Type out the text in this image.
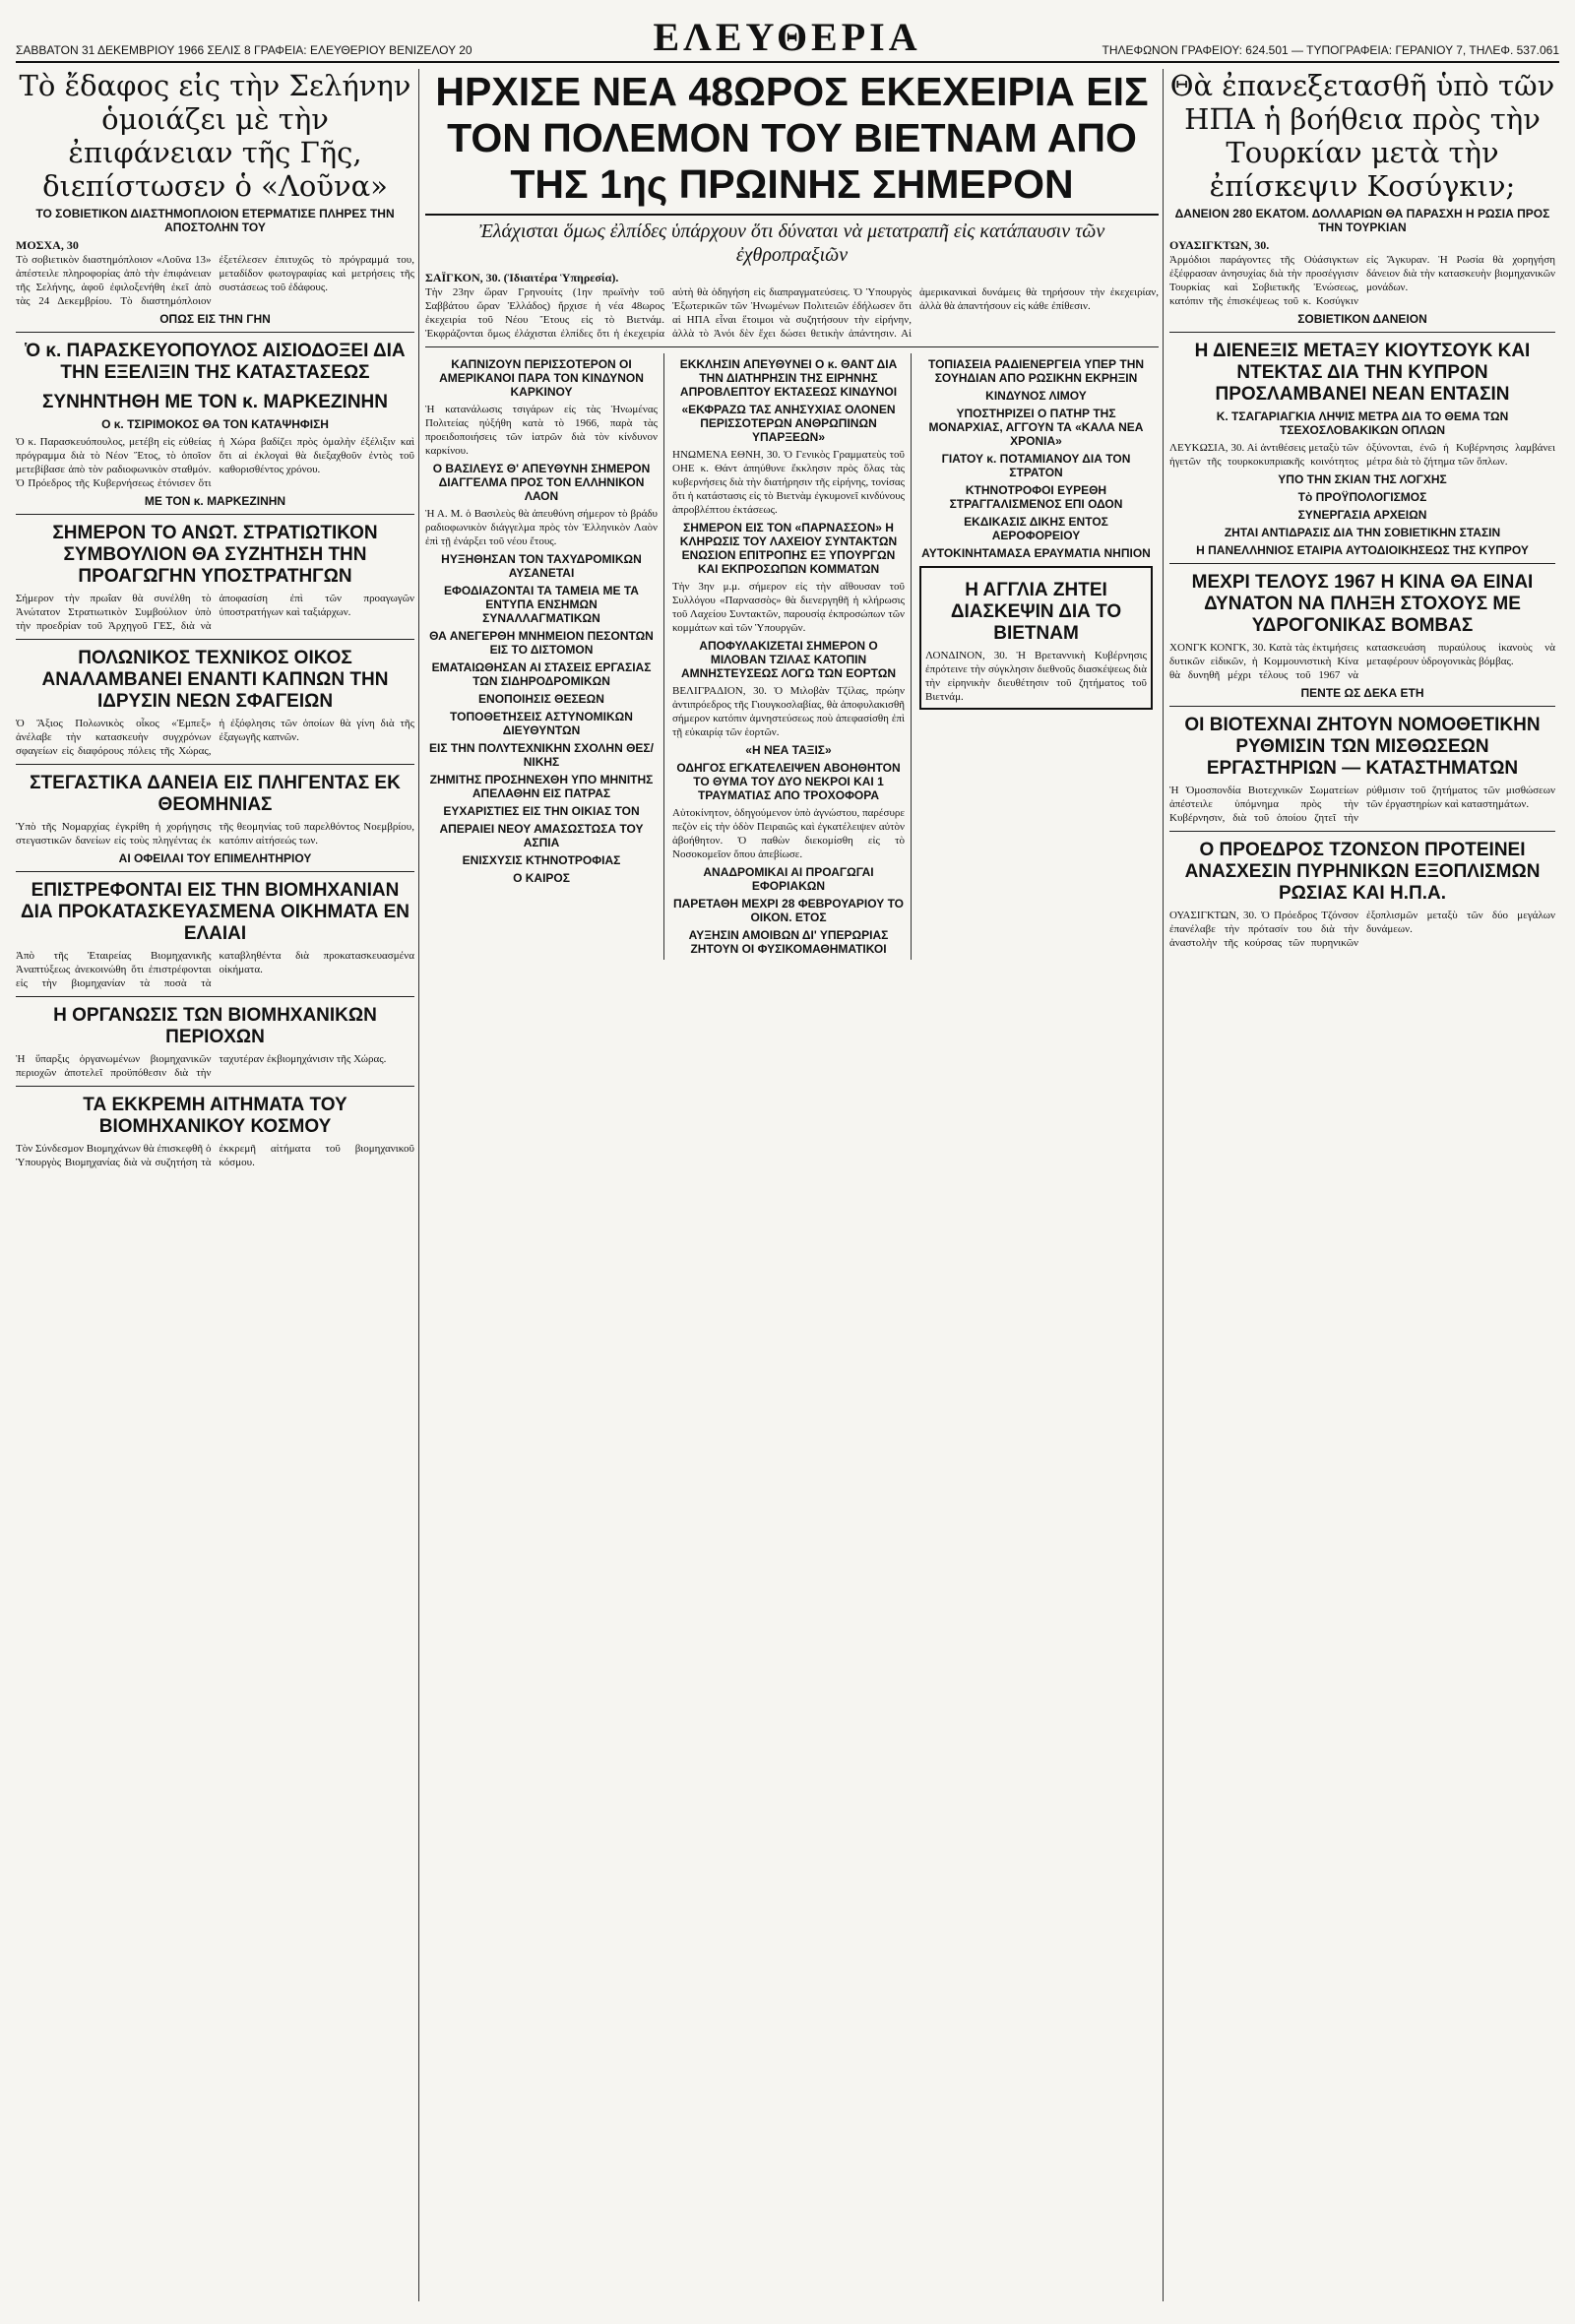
ΣΑΒΒΑΤΟΝ 31 ΔΕΚΕΜΒΡΙΟΥ 1966 ΣΕΛΙΣ 8 ΓΡΑΦΕΙΑ: ΕΛΕΥΘΕΡΙΟΥ ΒΕΝΙΖΕΛΟΥ 20	ΕΛΕΥΘΕΡΙΑ	ΤΗΛΕΦΩΝΟΝ ΓΡΑΦΕΙΟΥ: 624.501 — ΤΥΠΟΓΡΑΦΕΙΑ: ΓΕΡΑΝΙΟΥ 7, ΤΗΛΕΦ. 537.061
Τὸ ἔδαφος εἰς τὴν Σελήνην ὁμοιάζει μὲ τὴν ἐπιφάνειαν τῆς Γῆς, διεπίστωσεν ὁ «Λοῦνα»
ΤΟ ΣΟΒΙΕΤΙΚΟΝ ΔΙΑΣΤΗΜΟΠΛΟΙΟΝ ΕΤΕΡΜΑΤΙΣΕ ΠΛΗΡΕΣ ΤΗΝ ΑΠΟΣΤΟΛΗΝ ΤΟΥ
ΜΟΣΧΑ, 30
Τὸ σοβιετικὸν διαστημόπλοιον «Λοῦνα 13» ἀπέστειλε πληροφορίας ἀπὸ τὴν ἐπιφάνειαν τῆς Σελήνης, ἀφοῦ ἐφιλοξενήθη ἐκεῖ ἀπὸ τὰς 24 Δεκεμβρίου. Τὸ διαστημόπλοιον ἐξετέλεσεν ἐπιτυχῶς τὸ πρόγραμμά του, μεταδίδον φωτογραφίας καὶ μετρήσεις τῆς συστάσεως τοῦ ἐδάφους.
ΟΠΩΣ ΕΙΣ ΤΗΝ ΓΗΝ
Ὁ κ. ΠΑΡΑΣΚΕΥΟΠΟΥΛΟΣ ΑΙΣΙΟΔΟΞΕΙ ΔΙΑ ΤΗΝ ΕΞΕΛΙΞΙΝ ΤΗΣ ΚΑΤΑΣΤΑΣΕΩΣ
ΣΥΝΗΝΤΗΘΗ ΜΕ ΤΟΝ κ. ΜΑΡΚΕΖΙΝΗΝ
Ο κ. ΤΣΙΡΙΜΟΚΟΣ ΘΑ ΤΟΝ ΚΑΤΑΨΗΦΙΣΗ
Ὁ κ. Παρασκευόπουλος, μετέβη εἰς εὐθείας πρόγραμμα διὰ τὸ Νέον Ἔτος, τὸ ὁποῖον μετεβίβασε ἀπὸ τὸν ραδιοφωνικὸν σταθμόν. Ὁ Πρόεδρος τῆς Κυβερνήσεως ἐτόνισεν ὅτι ἡ Χώρα βαδίζει πρὸς ὁμαλὴν ἐξέλιξιν καὶ ὅτι αἱ ἐκλογαὶ θὰ διεξαχθοῦν ἐντὸς τοῦ καθορισθέντος χρόνου.
ΜΕ ΤΟΝ κ. ΜΑΡΚΕΖΙΝΗΝ
ΣΗΜΕΡΟΝ ΤΟ ΑΝΩΤ. ΣΤΡΑΤΙΩΤΙΚΟΝ ΣΥΜΒΟΥΛΙΟΝ ΘΑ ΣΥΖΗΤΗΣΗ ΤΗΝ ΠΡΟΑΓΩΓΗΝ ΥΠΟΣΤΡΑΤΗΓΩΝ
Σήμερον τὴν πρωΐαν θὰ συνέλθη τὸ Ἀνώτατον Στρατιωτικὸν Συμβούλιον ὑπὸ τὴν προεδρίαν τοῦ Ἀρχηγοῦ ΓΕΣ, διὰ νὰ ἀποφασίση ἐπὶ τῶν προαγωγῶν ὑποστρατήγων καὶ ταξιάρχων.
ΠΟΛΩΝΙΚΟΣ ΤΕΧΝΙΚΟΣ ΟΙΚΟΣ ΑΝΑΛΑΜΒΑΝΕΙ ΕΝΑΝΤΙ ΚΑΠΝΩΝ ΤΗΝ ΙΔΡΥΣΙΝ ΝΕΩΝ ΣΦΑΓΕΙΩΝ
Ὁ Ἄξιος Πολωνικὸς οἶκος «Ἐμπεξ» ἀνέλαβε τὴν κατασκευὴν συγχρόνων σφαγείων εἰς διαφόρους πόλεις τῆς Χώρας, ἡ ἐξόφλησις τῶν ὁποίων θὰ γίνη διὰ τῆς ἐξαγωγῆς καπνῶν.
ΣΤΕΓΑΣΤΙΚΑ ΔΑΝΕΙΑ ΕΙΣ ΠΛΗΓΕΝΤΑΣ ΕΚ ΘΕΟΜΗΝΙΑΣ
Ὑπὸ τῆς Νομαρχίας ἐγκρίθη ἡ χορήγησις στεγαστικῶν δανείων εἰς τοὺς πληγέντας ἐκ τῆς θεομηνίας τοῦ παρελθόντος Νοεμβρίου, κατόπιν αἰτήσεώς των.
ΑΙ ΟΦΕΙΛΑΙ ΤΟΥ ΕΠΙΜΕΛΗΤΗΡΙΟΥ
ΕΠΙΣΤΡΕΦΟΝΤΑΙ ΕΙΣ ΤΗΝ ΒΙΟΜΗΧΑΝΙΑΝ ΔΙΑ ΠΡΟΚΑΤΑΣΚΕΥΑΣΜΕΝΑ ΟΙΚΗΜΑΤΑ ΕΝ ΕΛΑΙΑΙ
Ἀπὸ τῆς Ἑταιρείας Βιομηχανικῆς Ἀναπτύξεως ἀνεκοινώθη ὅτι ἐπιστρέφονται εἰς τὴν βιομηχανίαν τὰ ποσὰ τὰ καταβληθέντα διὰ προκατασκευασμένα οἰκήματα.
Η ΟΡΓΑΝΩΣΙΣ ΤΩΝ ΒΙΟΜΗΧΑΝΙΚΩΝ ΠΕΡΙΟΧΩΝ
Ἡ ὕπαρξις ὀργανωμένων βιομηχανικῶν περιοχῶν ἀποτελεῖ προϋπόθεσιν διὰ τὴν ταχυτέραν ἐκβιομηχάνισιν τῆς Χώρας.
ΤΑ ΕΚΚΡΕΜΗ ΑΙΤΗΜΑΤΑ ΤΟΥ ΒΙΟΜΗΧΑΝΙΚΟΥ ΚΟΣΜΟΥ
Τὸν Σύνδεσμον Βιομηχάνων θὰ ἐπισκεφθῆ ὁ Ὑπουργὸς Βιομηχανίας διὰ νὰ συζητήση τὰ ἐκκρεμῆ αἰτήματα τοῦ βιομηχανικοῦ κόσμου.
ΗΡΧΙΣΕ ΝΕΑ 48ΩΡΟΣ ΕΚΕΧΕΙΡΙΑ ΕΙΣ ΤΟΝ ΠΟΛΕΜΟΝ ΤΟΥ ΒΙΕΤΝΑΜ ΑΠΟ ΤΗΣ 1ης ΠΡΩΙΝΗΣ ΣΗΜΕΡΟΝ
Ἐλάχισται ὅμως ἐλπίδες ὑπάρχουν ὅτι δύναται νὰ μετατραπῆ εἰς κατάπαυσιν τῶν ἐχθροπραξιῶν
ΣΑΪΓΚΟΝ, 30. (Ἰδιαιτέρα Ὑπηρεσία).
Τὴν 23ην ὥραν Γρηνουίτς (1ην πρωϊνὴν τοῦ Σαββάτου ὥραν Ἑλλάδος) ἤρχισε ἡ νέα 48ωρος ἐκεχειρία τοῦ Νέου Ἔτους εἰς τὸ Βιετνάμ. Ἐκφράζονται ὅμως ἐλάχισται ἐλπίδες ὅτι ἡ ἐκεχειρία αὐτὴ θὰ ὁδηγήση εἰς διαπραγματεύσεις. Ὁ Ὑπουργὸς Ἐξωτερικῶν τῶν Ἡνωμένων Πολιτειῶν ἐδήλωσεν ὅτι αἱ ΗΠΑ εἶναι ἕτοιμοι νὰ συζητήσουν τὴν εἰρήνην, ἀλλὰ τὸ Ἀνόι δὲν ἔχει δώσει θετικὴν ἀπάντησιν. Αἱ ἀμερικανικαὶ δυνάμεις θὰ τηρήσουν τὴν ἐκεχειρίαν, ἀλλὰ θὰ ἀπαντήσουν εἰς κάθε ἐπίθεσιν.
ΚΑΠΝΙΖΟΥΝ ΠΕΡΙΣΣΟΤΕΡΟΝ ΟΙ ΑΜΕΡΙΚΑΝΟΙ ΠΑΡΑ ΤΟΝ ΚΙΝΔΥΝΟΝ ΚΑΡΚΙΝΟΥ
Ἡ κατανάλωσις τσιγάρων εἰς τὰς Ἡνωμένας Πολιτείας ηὐξήθη κατὰ τὸ 1966, παρὰ τὰς προειδοποιήσεις τῶν ἰατρῶν διὰ τὸν κίνδυνον καρκίνου.
Ο ΒΑΣΙΛΕΥΣ Θ' ΑΠΕΥΘΥΝΗ ΣΗΜΕΡΟΝ ΔΙΑΓΓΕΛΜΑ ΠΡΟΣ ΤΟΝ ΕΛΛΗΝΙΚΟΝ ΛΑΟΝ
Ἡ Α. Μ. ὁ Βασιλεὺς θὰ ἀπευθύνη σήμερον τὸ βράδυ ραδιοφωνικὸν διάγγελμα πρὸς τὸν Ἑλληνικὸν Λαὸν ἐπὶ τῇ ἐνάρξει τοῦ νέου ἔτους.
ΗΥΞΗΘΗΣΑΝ ΤΟΝ ΤΑΧΥΔΡΟΜΙΚΩΝ ΑΥΣΑΝΕΤΑΙ
ΕΦΟΔΙΑΖΟΝΤΑΙ ΤΑ ΤΑΜΕΙΑ ΜΕ ΤΑ ΕΝΤΥΠΑ ΕΝΣΗΜΩΝ ΣΥΝΑΛΛΑΓΜΑΤΙΚΩΝ
ΘΑ ΑΝΕΓΕΡΘΗ ΜΝΗΜΕΙΟΝ ΠΕΣΟΝΤΩΝ ΕΙΣ ΤΟ ΔΙΣΤΟΜΟΝ
ΕΜΑΤΑΙΩΘΗΣΑΝ ΑΙ ΣΤΑΣΕΙΣ ΕΡΓΑΣΙΑΣ ΤΩΝ ΣΙΔΗΡΟΔΡΟΜΙΚΩΝ
ΕΝΟΠΟΙΗΣΙΣ ΘΕΣΕΩΝ
ΤΟΠΟΘΕΤΗΣΕΙΣ ΑΣΤΥΝΟΜΙΚΩΝ ΔΙΕΥΘΥΝΤΩΝ
ΕΙΣ ΤΗΝ ΠΟΛΥΤΕΧΝΙΚΗΝ ΣΧΟΛΗΝ ΘΕΣ/ΝΙΚΗΣ
ΖΗΜΙΤΗΣ ΠΡΟΣΗΝΕΧΘΗ ΥΠΟ ΜΗΝΙΤΗΣ ΑΠΕΛΑΘΗΝ ΕΙΣ ΠΑΤΡΑΣ
ΕΥΧΑΡΙΣΤΙΕΣ ΕΙΣ ΤΗΝ ΟΙΚΙΑΣ ΤΟΝ
ΑΠΕΡΑΙΕΙ ΝΕΟΥ ΑΜΑΣΩΣΤΩΣΑ ΤΟΥ ΑΣΠΙΑ
ΕΝΙΣΧΥΣΙΣ ΚΤΗΝΟΤΡΟΦΙΑΣ
Ο ΚΑΙΡΟΣ
ΕΚΚΛΗΣΙΝ ΑΠΕΥΘΥΝΕΙ Ο κ. ΘΑΝΤ ΔΙΑ ΤΗΝ ΔΙΑΤΗΡΗΣΙΝ ΤΗΣ ΕΙΡΗΝΗΣ ΑΠΡΟΒΛΕΠΤΟΥ ΕΚΤΑΣΕΩΣ ΚΙΝΔΥΝΟΙ
«ΕΚΦΡΑΖΩ ΤΑΣ ΑΝΗΣΥΧΙΑΣ ΟΛΟΝΕΝ ΠΕΡΙΣΣΟΤΕΡΩΝ ΑΝΘΡΩΠΙΝΩΝ ΥΠΑΡΞΕΩΝ»
ΗΝΩΜΕΝΑ ΕΘΝΗ, 30. Ὁ Γενικὸς Γραμματεὺς τοῦ ΟΗΕ κ. Θάντ ἀπηύθυνε ἔκκλησιν πρὸς ὅλας τὰς κυβερνήσεις διὰ τὴν διατήρησιν τῆς εἰρήνης, τονίσας ὅτι ἡ κατάστασις εἰς τὸ Βιετνὰμ ἐγκυμονεῖ κινδύνους ἀπροβλέπτου ἐκτάσεως.
ΣΗΜΕΡΟΝ ΕΙΣ ΤΟΝ «ΠΑΡΝΑΣΣΟΝ» Η ΚΛΗΡΩΣΙΣ ΤΟΥ ΛΑΧΕΙΟΥ ΣΥΝΤΑΚΤΩΝ ΕΝΩΣΙΟΝ ΕΠΙΤΡΟΠΗΣ ΕΞ ΥΠΟΥΡΓΩΝ ΚΑΙ ΕΚΠΡΟΣΩΠΩΝ ΚΟΜΜΑΤΩΝ
Τὴν 3ην μ.μ. σήμερον εἰς τὴν αἴθουσαν τοῦ Συλλόγου «Παρνασσὸς» θὰ διενεργηθῆ ἡ κλήρωσις τοῦ Λαχείου Συντακτῶν, παρουσίᾳ ἐκπροσώπων τῶν κομμάτων καὶ τῶν Ὑπουργῶν.
ΑΠΟΦΥΛΑΚΙΖΕΤΑΙ ΣΗΜΕΡΟΝ Ο ΜΙΛΟΒΑΝ ΤΖΙΛΑΣ ΚΑΤΟΠΙΝ ΑΜΝΗΣΤΕΥΣΕΩΣ ΛΟΓΩ ΤΩΝ ΕΟΡΤΩΝ
ΒΕΛΙΓΡΑΔΙΟΝ, 30. Ὁ Μιλοβὰν Τζίλας, πρώην ἀντιπρόεδρος τῆς Γιουγκοσλαβίας, θὰ ἀποφυλακισθῆ σήμερον κατόπιν ἀμνηστεύσεως ποὺ ἀπεφασίσθη ἐπὶ τῇ εὐκαιρίᾳ τῶν ἑορτῶν.
«Η ΝΕΑ ΤΑΞΙΣ»
ΟΔΗΓΟΣ ΕΓΚΑΤΕΛΕΙΨΕΝ ΑΒΟΗΘΗΤΟΝ ΤΟ ΘΥΜΑ ΤΟΥ ΔΥΟ ΝΕΚΡΟΙ ΚΑΙ 1 ΤΡΑΥΜΑΤΙΑΣ ΑΠΟ ΤΡΟΧΟΦΟΡΑ
Αὐτοκίνητον, ὁδηγούμενον ὑπὸ ἀγνώστου, παρέσυρε πεζὸν εἰς τὴν ὁδὸν Πειραιῶς καὶ ἐγκατέλειψεν αὐτὸν ἀβοήθητον. Ὁ παθὼν διεκομίσθη εἰς τὸ Νοσοκομεῖον ὅπου ἀπεβίωσε.
ΑΝΑΔΡΟΜΙΚΑΙ ΑΙ ΠΡΟΑΓΩΓΑΙ ΕΦΟΡΙΑΚΩΝ
ΠΑΡΕΤΑΘΗ ΜΕΧΡΙ 28 ΦΕΒΡΟΥΑΡΙΟΥ ΤΟ ΟΙΚΟΝ. ΕΤΟΣ
ΑΥΞΗΣΙΝ ΑΜΟΙΒΩΝ ΔΙ' ΥΠΕΡΩΡΙΑΣ ΖΗΤΟΥΝ ΟΙ ΦΥΣΙΚΟΜΑΘΗΜΑΤΙΚΟΙ
ΤΟΠΙΑΣΕΙΑ ΡΑΔΙΕΝΕΡΓΕΙΑ ΥΠΕΡ ΤΗΝ ΣΟΥΗΔΙΑΝ ΑΠΟ ΡΩΣΙΚΗΝ ΕΚΡΗΞΙΝ
ΚΙΝΔΥΝΟΣ ΛΙΜΟΥ
ΥΠΟΣΤΗΡΙΖΕΙ Ο ΠΑΤΗΡ ΤΗΣ ΜΟΝΑΡΧΙΑΣ, ΑΓΓΟΥΝ ΤΑ «ΚΑΛΑ ΝΕΑ ΧΡΟΝΙΑ»
ΓΙΑΤΟΥ κ. ΠΟΤΑΜΙΑΝΟΥ ΔΙΑ ΤΟΝ ΣΤΡΑΤΟΝ
ΚΤΗΝΟΤΡΟΦΟΙ ΕΥΡΕΘΗ ΣΤΡΑΓΓΑΛΙΣΜΕΝΟΣ ΕΠΙ ΟΔΟΝ
ΕΚΔΙΚΑΣΙΣ ΔΙΚΗΣ ΕΝΤΟΣ ΑΕΡΟΦΟΡΕΙΟΥ
ΑΥΤΟΚΙΝΗΤΑΜΑΣΑ ΕΡΑΥΜΑΤΙΑ ΝΗΠΙΟΝ
Η ΑΓΓΛΙΑ ΖΗΤΕΙ ΔΙΑΣΚΕΨΙΝ ΔΙΑ ΤΟ ΒΙΕΤΝΑΜ
ΛΟΝΔΙΝΟΝ, 30. Ἡ Βρεταννικὴ Κυβέρνησις ἐπρότεινε τὴν σύγκλησιν διεθνοῦς διασκέψεως διὰ τὴν εἰρηνικὴν διευθέτησιν τοῦ ζητήματος τοῦ Βιετνάμ.
Θὰ ἐπανεξετασθῆ ὑπὸ τῶν ΗΠΑ ἡ βοήθεια πρὸς τὴν Τουρκίαν μετὰ τὴν ἐπίσκεψιν Κοσύγκιν;
ΔΑΝΕΙΟΝ 280 ΕΚΑΤΟΜ. ΔΟΛΛΑΡΙΩΝ ΘΑ ΠΑΡΑΣΧΗ Η ΡΩΣΙΑ ΠΡΟΣ ΤΗΝ ΤΟΥΡΚΙΑΝ
ΟΥΑΣΙΓΚΤΩΝ, 30.
Ἁρμόδιοι παράγοντες τῆς Οὐάσιγκτων ἐξέφρασαν ἀνησυχίας διὰ τὴν προσέγγισιν Τουρκίας καὶ Σοβιετικῆς Ἑνώσεως, κατόπιν τῆς ἐπισκέψεως τοῦ κ. Κοσύγκιν εἰς Ἄγκυραν. Ἡ Ρωσία θὰ χορηγήση δάνειον διὰ τὴν κατασκευὴν βιομηχανικῶν μονάδων.
ΣΟΒΙΕΤΙΚΟΝ ΔΑΝΕΙΟΝ
Η ΔΙΕΝΕΞΙΣ ΜΕΤΑΞΥ ΚΙΟΥΤΣΟΥΚ ΚΑΙ ΝΤΕΚΤΑΣ ΔΙΑ ΤΗΝ ΚΥΠΡΟΝ ΠΡΟΣΛΑΜΒΑΝΕΙ ΝΕΑΝ ΕΝΤΑΣΙΝ
Κ. ΤΣΑΓΑΡΙΑΓΚΙΑ ΛΗΨΙΣ ΜΕΤΡΑ ΔΙΑ ΤΟ ΘΕΜΑ ΤΩΝ ΤΣΕΧΟΣΛΟΒΑΚΙΚΩΝ ΟΠΛΩΝ
ΛΕΥΚΩΣΙΑ, 30. Αἱ ἀντιθέσεις μεταξὺ τῶν ἡγετῶν τῆς τουρκοκυπριακῆς κοινότητος ὀξύνονται, ἐνῶ ἡ Κυβέρνησις λαμβάνει μέτρα διὰ τὸ ζήτημα τῶν ὅπλων.
ΥΠΟ ΤΗΝ ΣΚΙΑΝ ΤΗΣ ΛΟΓΧΗΣ
Τὸ ΠΡΟΫΠΟΛΟΓΙΣΜΟΣ
ΣΥΝΕΡΓΑΣΙΑ ΑΡΧΕΙΩΝ
ΖΗΤΑΙ ΑΝΤΙΔΡΑΣΙΣ ΔΙΑ ΤΗΝ ΣΟΒΙΕΤΙΚΗΝ ΣΤΑΣΙΝ
Η ΠΑΝΕΛΛΗΝΙΟΣ ΕΤΑΙΡΙΑ ΑΥΤΟΔΙΟΙΚΗΣΕΩΣ ΤΗΣ ΚΥΠΡΟΥ
ΜΕΧΡΙ ΤΕΛΟΥΣ 1967 Η ΚΙΝΑ ΘΑ ΕΙΝΑΙ ΔΥΝΑΤΟΝ ΝΑ ΠΛΗΞΗ ΣΤΟΧΟΥΣ ΜΕ ΥΔΡΟΓΟΝΙΚΑΣ ΒΟΜΒΑΣ
ΧΟΝΓΚ ΚΟΝΓΚ, 30. Κατὰ τὰς ἐκτιμήσεις δυτικῶν εἰδικῶν, ἡ Κομμουνιστικὴ Κίνα θὰ δυνηθῆ μέχρι τέλους τοῦ 1967 νὰ κατασκευάση πυραύλους ἱκανοὺς νὰ μεταφέρουν ὑδρογονικὰς βόμβας.
ΠΕΝΤΕ ΩΣ ΔΕΚΑ ΕΤΗ
ΟΙ ΒΙΟΤΕΧΝΑΙ ΖΗΤΟΥΝ ΝΟΜΟΘΕΤΙΚΗΝ ΡΥΘΜΙΣΙΝ ΤΩΝ ΜΙΣΘΩΣΕΩΝ ΕΡΓΑΣΤΗΡΙΩΝ — ΚΑΤΑΣΤΗΜΑΤΩΝ
Ἡ Ὁμοσπονδία Βιοτεχνικῶν Σωματείων ἀπέστειλε ὑπόμνημα πρὸς τὴν Κυβέρνησιν, διὰ τοῦ ὁποίου ζητεῖ τὴν ρύθμισιν τοῦ ζητήματος τῶν μισθώσεων τῶν ἐργαστηρίων καὶ καταστημάτων.
Ο ΠΡΟΕΔΡΟΣ ΤΖΟΝΣΟΝ ΠΡΟΤΕΙΝΕΙ ΑΝΑΣΧΕΣΙΝ ΠΥΡΗΝΙΚΩΝ ΕΞΟΠΛΙΣΜΩΝ ΡΩΣΙΑΣ ΚΑΙ Η.Π.Α.
ΟΥΑΣΙΓΚΤΩΝ, 30. Ὁ Πρόεδρος Τζόνσον ἐπανέλαβε τὴν πρότασίν του διὰ τὴν ἀναστολὴν τῆς κούρσας τῶν πυρηνικῶν ἐξοπλισμῶν μεταξὺ τῶν δύο μεγάλων δυνάμεων.
